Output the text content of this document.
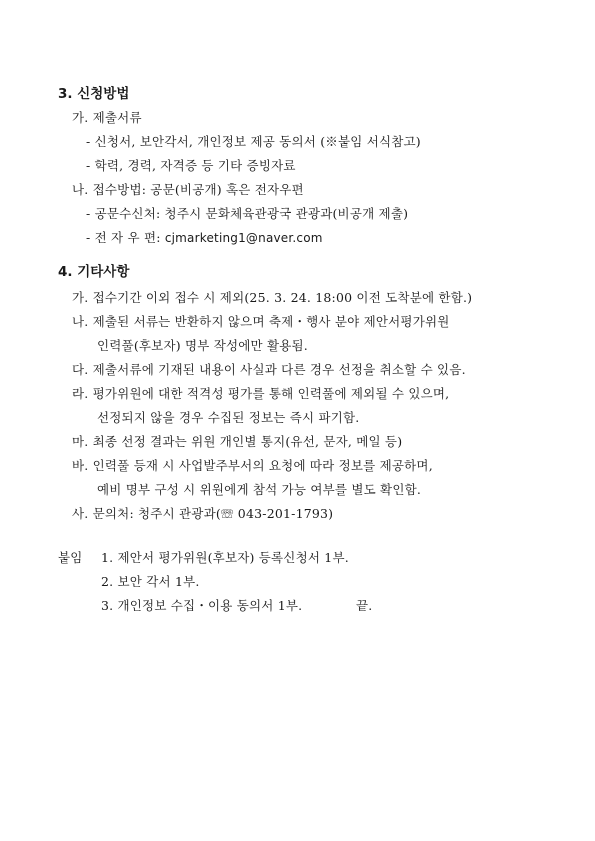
3. 신청방법
가. 제출서류
- 신청서, 보안각서, 개인정보 제공 동의서 (※붙임 서식참고)
- 학력, 경력, 자격증 등 기타 증빙자료
나. 접수방법: 공문(비공개) 혹은 전자우편
- 공문수신처: 청주시 문화체육관광국 관광과(비공개 제출)
- 전 자 우 편: cjmarketing1@naver.com
4. 기타사항
가. 접수기간 이외 접수 시 제외(25. 3. 24. 18:00 이전 도착분에 한함.)
나. 제출된 서류는 반환하지 않으며 축제・행사 분야 제안서평가위원
인력풀(후보자) 명부 작성에만 활용됨.
다. 제출서류에 기재된 내용이 사실과 다른 경우 선정을 취소할 수 있음.
라. 평가위원에 대한 적격성 평가를 통해 인력풀에 제외될 수 있으며,
선정되지 않을 경우 수집된 정보는 즉시 파기함.
마. 최종 선정 결과는 위원 개인별 통지(유선, 문자, 메일 등)
바. 인력풀 등재 시 사업발주부서의 요청에 따라 정보를 제공하며,
예비 명부 구성 시 위원에게 참석 가능 여부를 별도 확인함.
사. 문의처: 청주시 관광과(☏ 043-201-1793)
붙임 1. 제안서 평가위원(후보자) 등록신청서 1부.
2. 보안 각서 1부.
3. 개인정보 수집・이용 동의서 1부.	끝.
